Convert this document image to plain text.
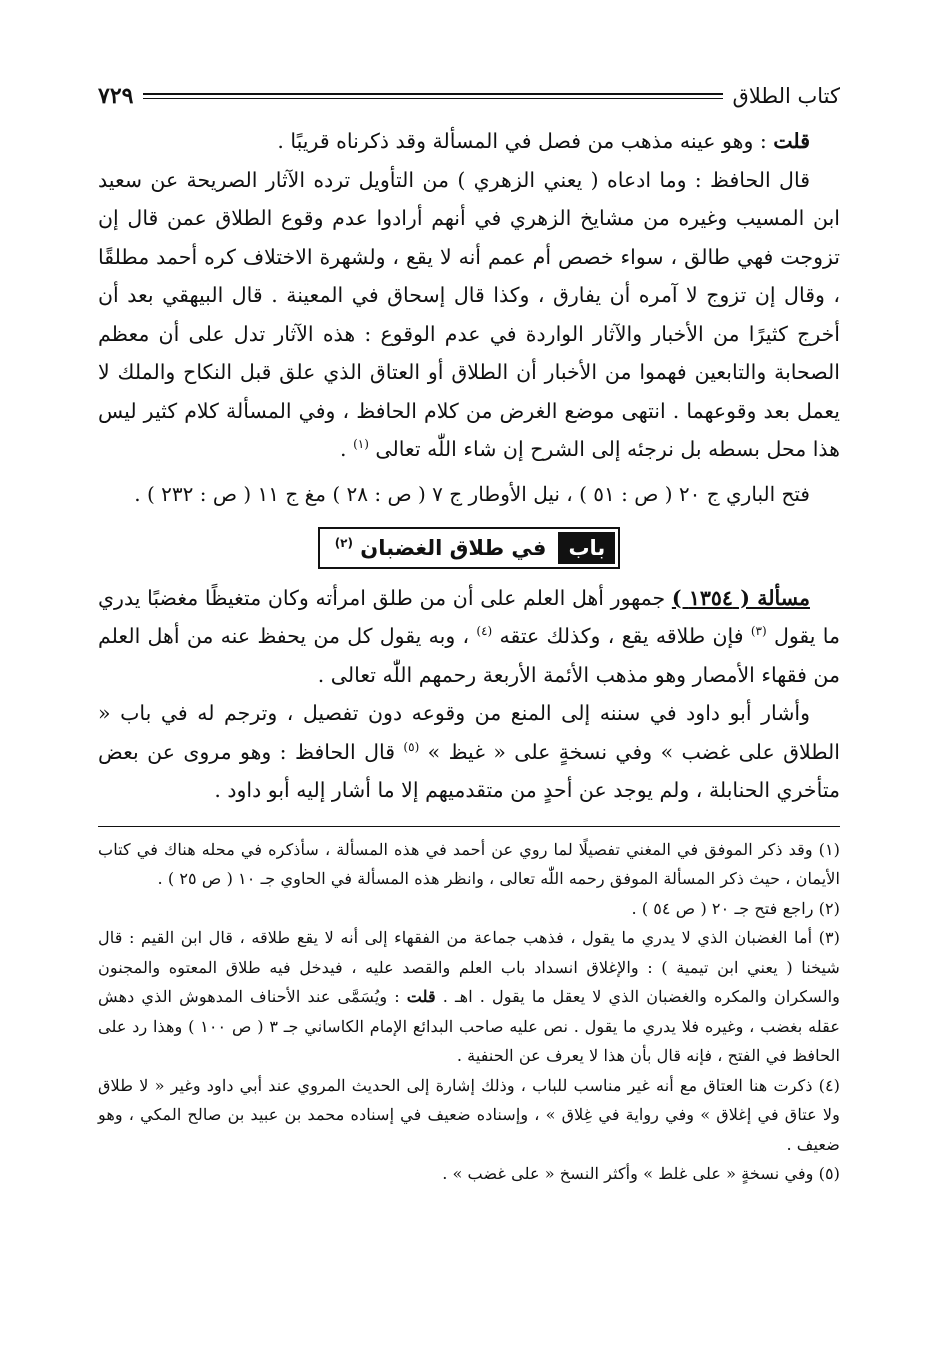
كتاب الطلاق
٧٢٩

قلت : وهو عينه مذهب من فصل في المسألة وقد ذكرناه قريبًا .

قال الحافظ : وما ادعاه ( يعني الزهري ) من التأويل ترده الآثار الصريحة عن سعيد ابن المسيب وغيره من مشايخ الزهري في أنهم أرادوا عدم وقوع الطلاق عمن قال إن تزوجت فهي طالق ، سواء خصص أم عمم أنه لا يقع ، ولشهرة الاختلاف كره أحمد مطلقًا ، وقال إن تزوج لا آمره أن يفارق ، وكذا قال إسحاق في المعينة . قال البيهقي بعد أن أخرج كثيرًا من الأخبار والآثار الواردة في عدم الوقوع : هذه الآثار تدل على أن معظم الصحابة والتابعين فهموا من الأخبار أن الطلاق أو العتاق الذي علق قبل النكاح والملك لا يعمل بعد وقوعهما . انتهى موضع الغرض من كلام الحافظ ، وفي المسألة كلام كثير ليس هذا محل بسطه بل نرجئه إلى الشرح إن شاء اللّٰه تعالى $^{(١)}$ .

فتح الباري ج ٢٠ ( ص : ٥١ ) ، نيل الأوطار ج ٧ ( ص : ٢٨ ) مغ ج ١١ ( ص : ٢٣٢ ) .

باب
في طلاق الغضبان $^{(٢)}$

مسألة ( ١٣٥٤ ) جمهور أهل العلم على أن من طلق امرأته وكان متغيظًا مغضبًا يدري ما يقول $^{(٣)}$ فإن طلاقه يقع ، وكذلك عتقه $^{(٤)}$ ، وبه يقول كل من يحفظ عنه من أهل العلم من فقهاء الأمصار وهو مذهب الأئمة الأربعة رحمهم اللّٰه تعالى .

وأشار أبو داود في سننه إلى المنع من وقوعه دون تفصيل ، وترجم له في باب « الطلاق على غضب » وفي نسخةٍ على « غيظ » $^{(٥)}$ قال الحافظ : وهو مروى عن بعض متأخري الحنابلة ، ولم يوجد عن أحدٍ من متقدميهم إلا ما أشار إليه أبو داود .

(١) وقد ذكر الموفق في المغني تفصيلًا لما روي عن أحمد في هذه المسألة ، سأذكره في محله هناك في كتاب الأيمان ، حيث ذكر المسألة الموفق رحمه اللّٰه تعالى ، وانظر هذه المسألة في الحاوي جـ ١٠ ( ص ٢٥ ) .

(٢) راجع فتح جـ ٢٠ ( ص ٥٤ ) .

(٣) أما الغضبان الذي لا يدري ما يقول ، فذهب جماعة من الفقهاء إلى أنه لا يقع طلاقه ، قال ابن القيم : قال شيخنا ( يعني ابن تيمية ) : والإغلاق انسداد باب العلم والقصد عليه ، فيدخل فيه طلاق المعتوه والمجنون والسكران والمكره والغضبان الذي لا يعقل ما يقول . اهـ . قلت : ويُسَمَّى عند الأحناف المدهوش الذي دهش عقله بغضب ، وغيره فلا يدري ما يقول . نص عليه صاحب البدائع الإمام الكاساني جـ ٣ ( ص ١٠٠ ) وهذا رد على الحافظ في الفتح ، فإنه قال بأن هذا لا يعرف عن الحنفية .

(٤) ذكرت هنا العتاق مع أنه غير مناسب للباب ، وذلك إشارة إلى الحديث المروي عند أبي داود وغير « لا طلاق ولا عتاق في إغلاق » وفي رواية في غِلاق » ، وإسناده ضعيف في إسناده محمد بن عبيد بن صالح المكي ، وهو ضعيف .

(٥) وفي نسخةٍ « على غلط » وأكثر النسخ « على غضب » .
